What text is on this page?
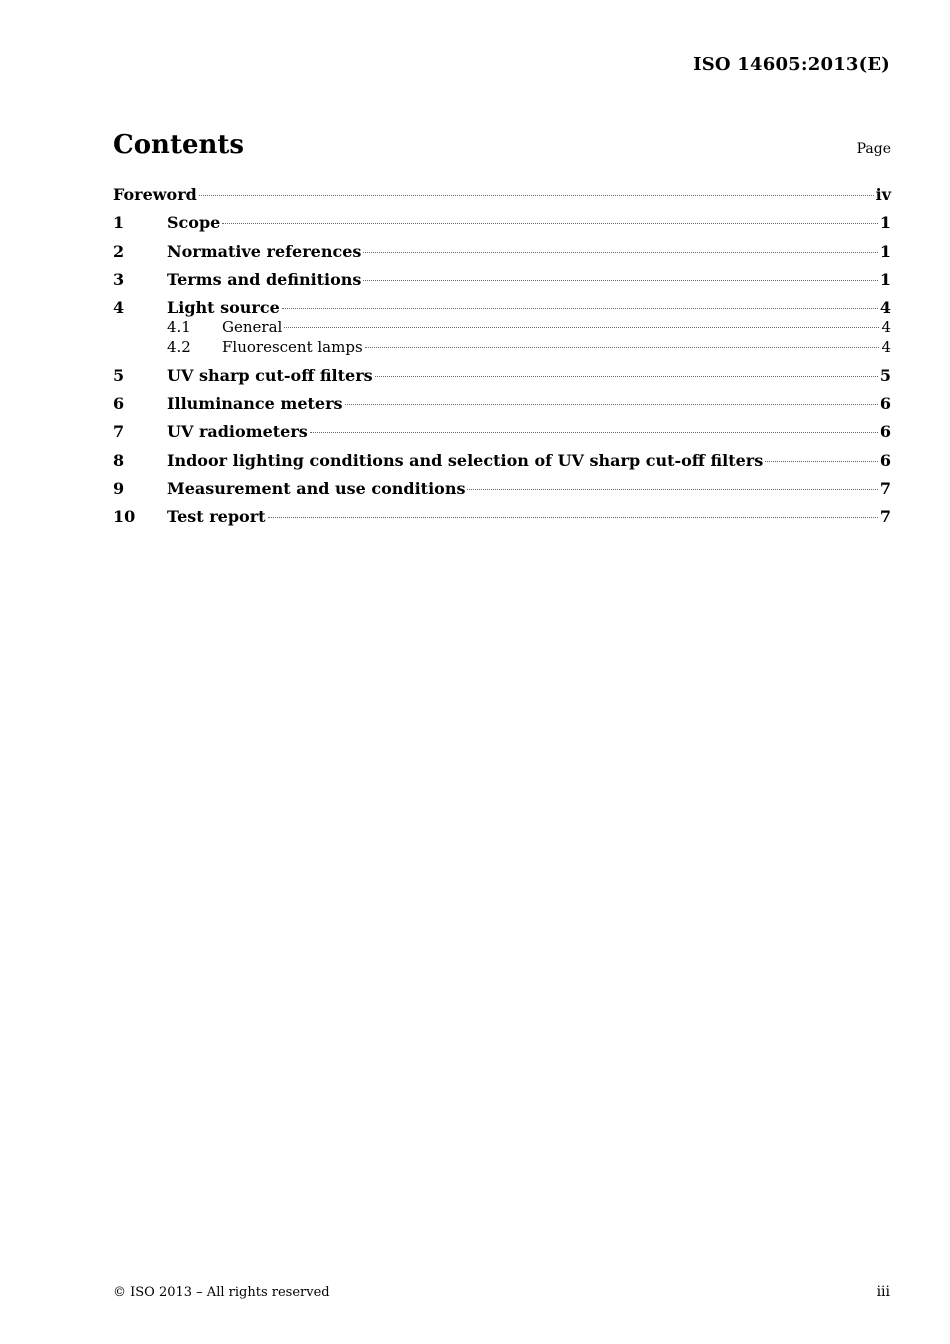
ISO 14605:2013(E)
Contents	Page
Foreword	iv
1	Scope	1
2	Normative references	1
3	Terms and definitions	1
4	Light source	4
4.1	General	4
4.2	Fluorescent lamps	4
5	UV sharp cut-off filters	5
6	Illuminance meters	6
7	UV radiometers	6
8	Indoor lighting conditions and selection of UV sharp cut-off filters	6
9	Measurement and use conditions	7
10	Test report	7
© ISO 2013 – All rights reserved	iii
